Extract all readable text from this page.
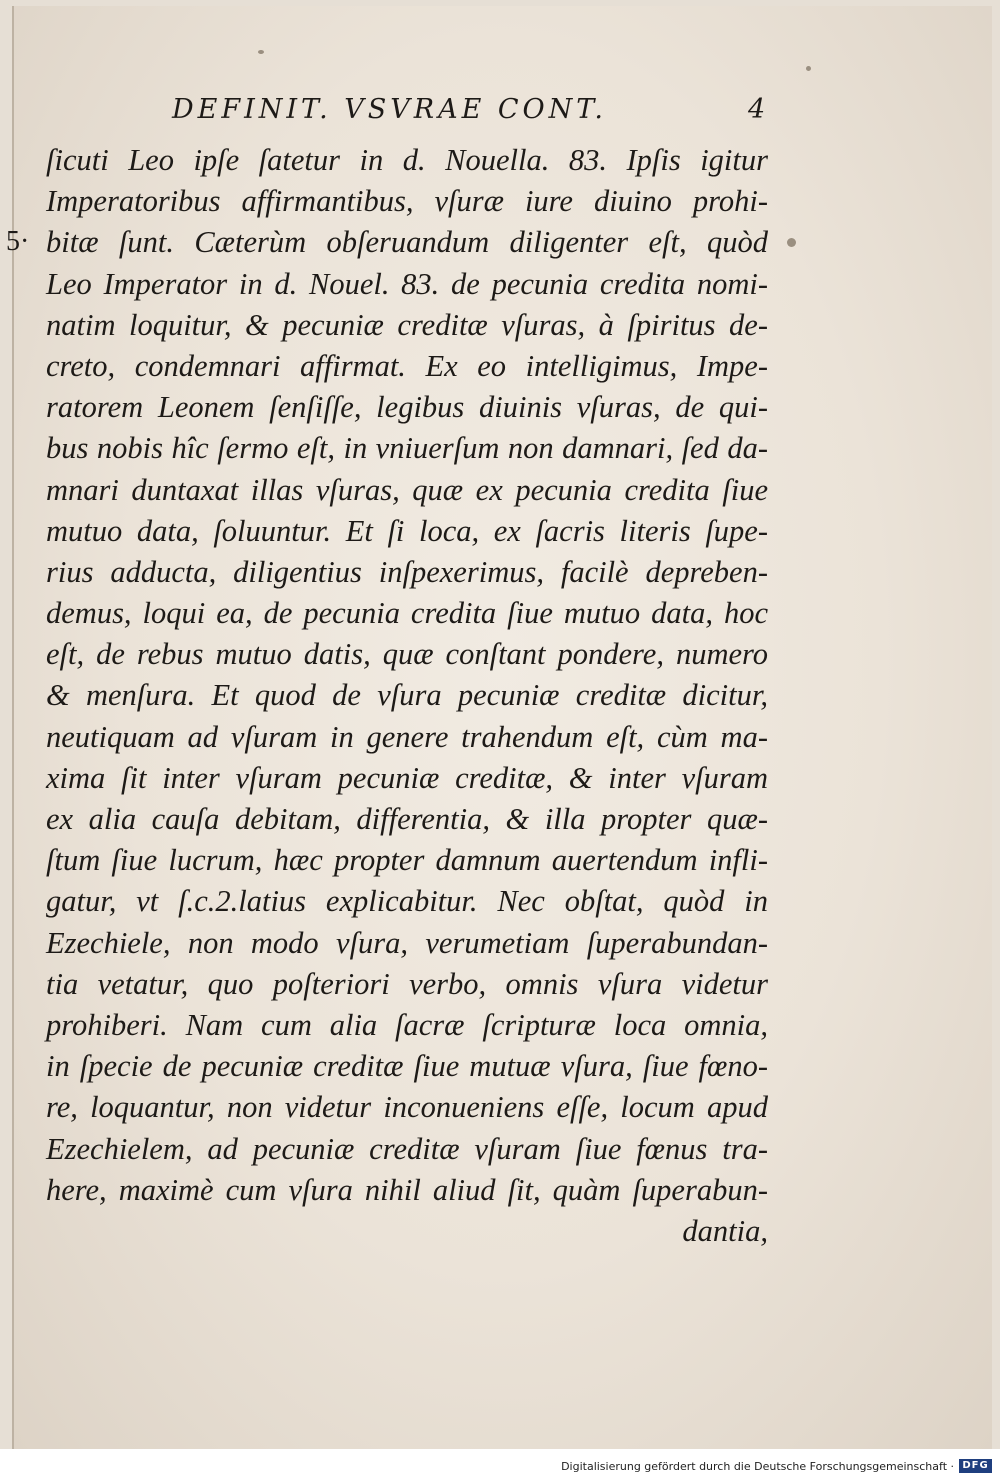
DEFINIT. VSVRAE CONT.	4
5·
ſicuti Leo ipſe ſatetur in d. Nouella. 83. Ipſis igitur
Imperatoribus affirmantibus, vſuræ iure diuino prohi-
bitæ ſunt. Cæterùm obſeruandum diligenter eſt, quòd
Leo Imperator in d. Nouel. 83. de pecunia credita nomi-
natim loquitur, & pecuniæ creditæ vſuras, à ſpiritus de-
creto, condemnari affirmat. Ex eo intelligimus, Impe-
ratorem Leonem ſenſiſſe, legibus diuinis vſuras, de qui-
bus nobis hîc ſermo eſt, in vniuerſum non damnari, ſed da-
mnari duntaxat illas vſuras, quæ ex pecunia credita ſiue
mutuo data, ſoluuntur. Et ſi loca, ex ſacris literis ſupe-
rius adducta, diligentius inſpexerimus, facilè depreben-
demus, loqui ea, de pecunia credita ſiue mutuo data, hoc
eſt, de rebus mutuo datis, quæ conſtant pondere, numero
& menſura. Et quod de vſura pecuniæ creditæ dicitur,
neutiquam ad vſuram in genere trahendum eſt, cùm ma-
xima ſit inter vſuram pecuniæ creditæ, & inter vſuram
ex alia cauſa debitam, differentia, & illa propter quæ-
ſtum ſiue lucrum, hæc propter damnum auertendum infli-
gatur, vt ſ.c.2.latius explicabitur. Nec obſtat, quòd in
Ezechiele, non modo vſura, verumetiam ſuperabundan-
tia vetatur, quo poſteriori verbo, omnis vſura videtur
prohiberi. Nam cum alia ſacræ ſcripturæ loca omnia,
in ſpecie de pecuniæ creditæ ſiue mutuæ vſura, ſiue fœno-
re, loquantur, non videtur inconueniens eſſe, locum apud
Ezechielem, ad pecuniæ creditæ vſuram ſiue fœnus tra-
here, maximè cum vſura nihil aliud ſit, quàm ſuperabun-
dantia,
Digitalisierung gefördert durch die Deutsche Forschungsgemeinschaft · DFG
